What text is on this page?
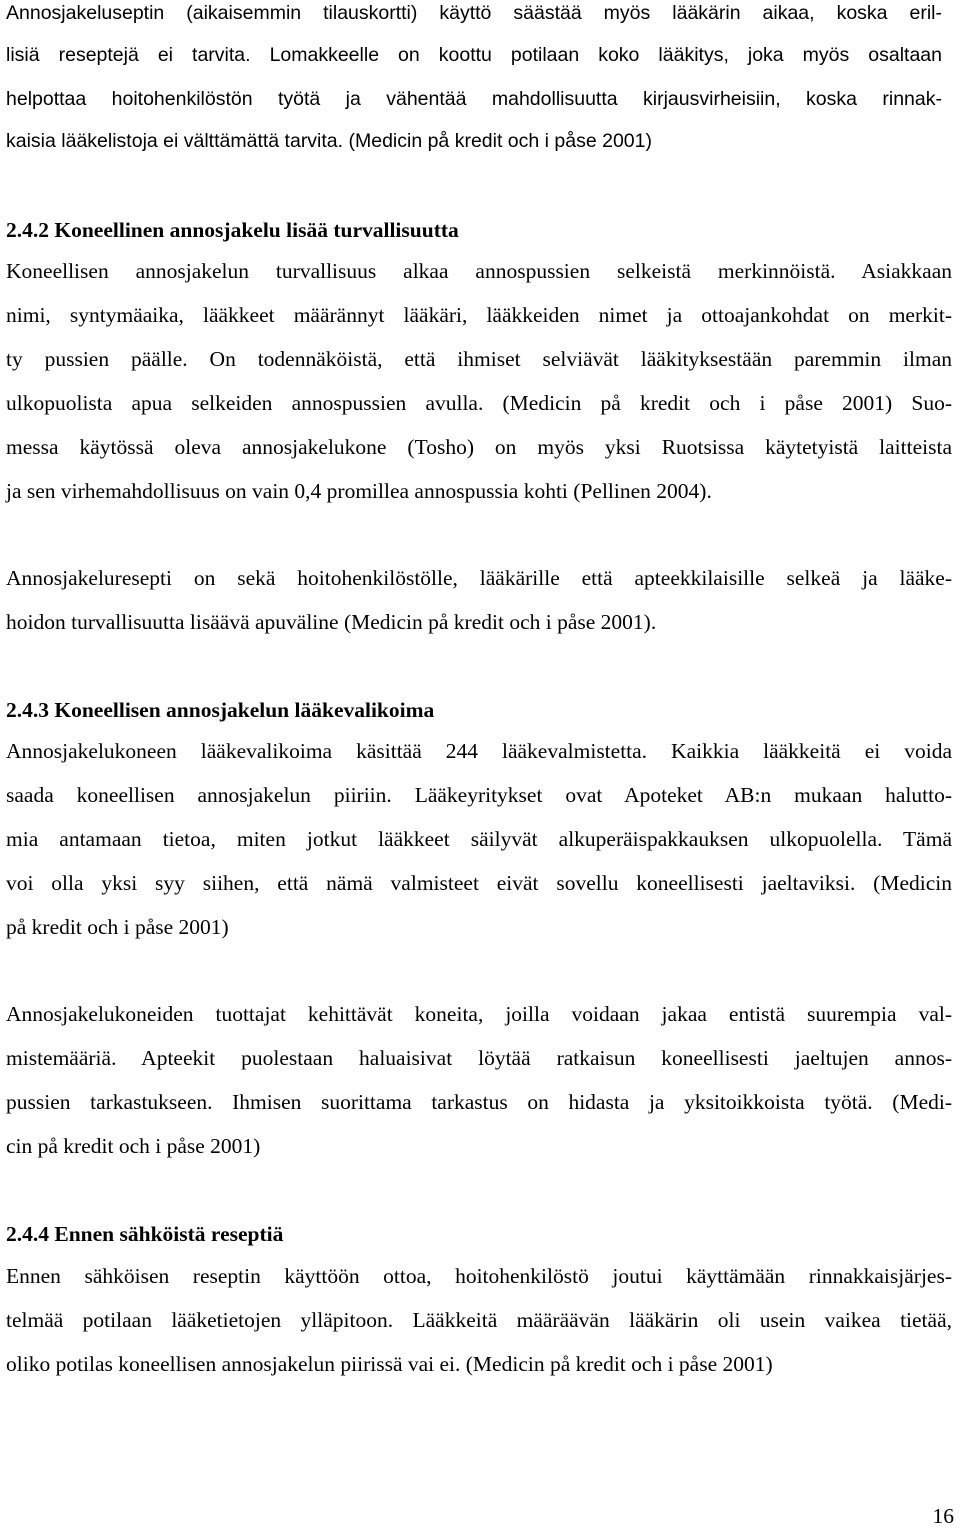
Annosjakeluseptin (aikaisemmin tilauskortti) käyttö säästää myös lääkärin aikaa, koska eril-
lisiä reseptejä ei tarvita. Lomakkeelle on koottu potilaan koko lääkitys, joka myös osaltaan
helpottaa hoitohenkilöstön työtä ja vähentää mahdollisuutta kirjausvirheisiin, koska rinnak-
kaisia lääkelistoja ei välttämättä tarvita. (Medicin på kredit och i påse 2001)
2.4.2 Koneellinen annosjakelu lisää turvallisuutta
Koneellisen annosjakelun turvallisuus alkaa annospussien selkeistä merkinnöistä. Asiakkaan
nimi, syntymäaika, lääkkeet määrännyt lääkäri, lääkkeiden nimet ja ottoajankohdat on merkit-
ty pussien päälle. On todennäköistä, että ihmiset selviävät lääkityksestään paremmin ilman
ulkopuolista apua selkeiden annospussien avulla. (Medicin på kredit och i påse 2001) Suo-
messa käytössä oleva annosjakelukone (Tosho) on myös yksi Ruotsissa käytetyistä laitteista
ja sen virhemahdollisuus on vain 0,4 promillea annospussia kohti (Pellinen 2004).
Annosjakeluresepti on sekä hoitohenkilöstölle, lääkärille että apteekkilaisille selkeä ja lääke-
hoidon turvallisuutta lisäävä apuväline (Medicin på kredit och i påse 2001).
2.4.3 Koneellisen annosjakelun lääkevalikoima
Annosjakelukoneen lääkevalikoima käsittää 244 lääkevalmistetta. Kaikkia lääkkeitä ei voida
saada koneellisen annosjakelun piiriin. Lääkeyritykset ovat Apoteket AB:n mukaan halutto-
mia antamaan tietoa, miten jotkut lääkkeet säilyvät alkuperäispakkauksen ulkopuolella. Tämä
voi olla yksi syy siihen, että nämä valmisteet eivät sovellu koneellisesti jaeltaviksi. (Medicin
på kredit och i påse 2001)
Annosjakelukoneiden tuottajat kehittävät koneita, joilla voidaan jakaa entistä suurempia val-
mistemääriä. Apteekit puolestaan haluaisivat löytää ratkaisun koneellisesti jaeltujen annos-
pussien tarkastukseen. Ihmisen suorittama tarkastus on hidasta ja yksitoikkoista työtä. (Medi-
cin på kredit och i påse 2001)
2.4.4 Ennen sähköistä reseptiä
Ennen sähköisen reseptin käyttöön ottoa, hoitohenkilöstö joutui käyttämään rinnakkaisjärjes-
telmää potilaan lääketietojen ylläpitoon. Lääkkeitä määräävän lääkärin oli usein vaikea tietää,
oliko potilas koneellisen annosjakelun piirissä vai ei. (Medicin på kredit och i påse 2001)
16
